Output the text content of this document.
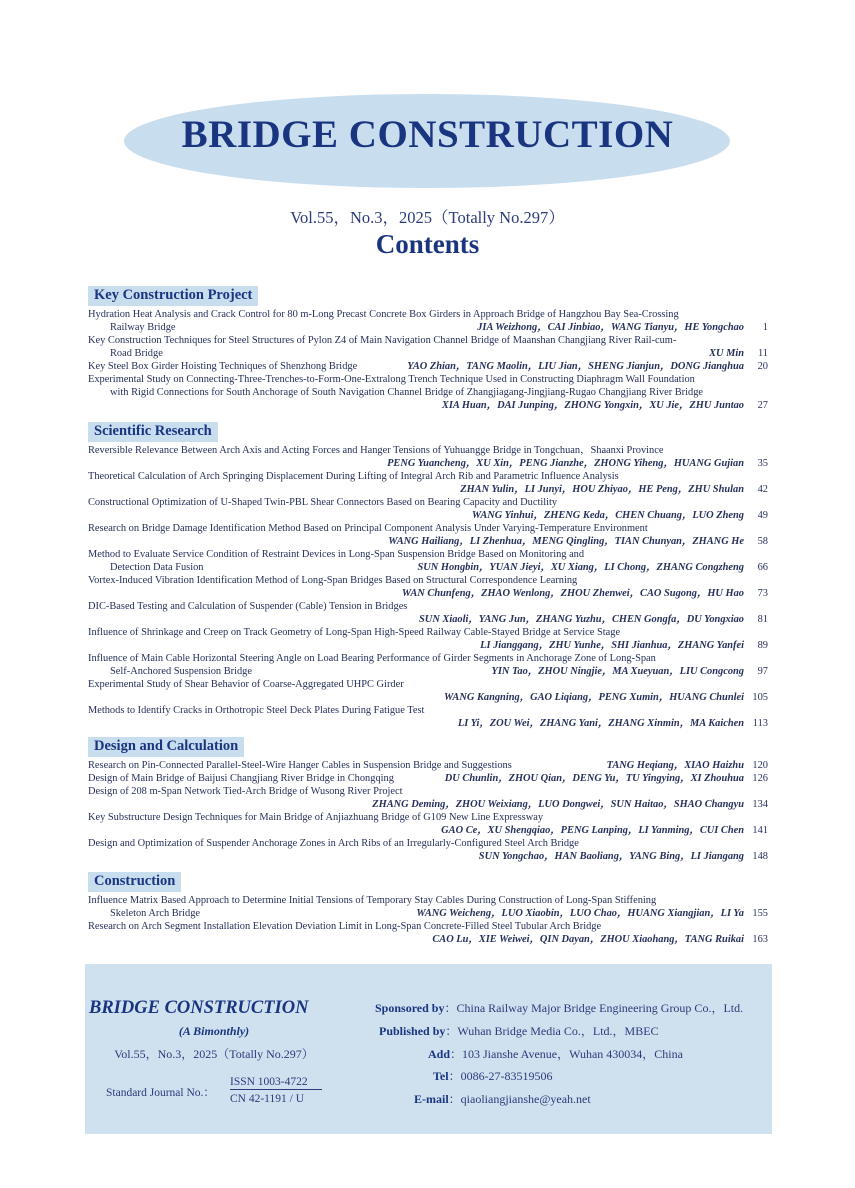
BRIDGE CONSTRUCTION
Vol.55，No.3，2025（Totally No.297）
Contents
Key Construction Project
Hydration Heat Analysis and Crack Control for 80 m-Long Precast Concrete Box Girders in Approach Bridge of Hangzhou Bay Sea-Crossing
Railway Bridge	JIA Weizhong，CAI Jinbiao，WANG Tianyu，HE Yongchao 1
Key Construction Techniques for Steel Structures of Pylon Z4 of Main Navigation Channel Bridge of Maanshan Changjiang River Rail-cum-
Road Bridge	XU Min 11
Key Steel Box Girder Hoisting Techniques of Shenzhong Bridge	YAO Zhian，TANG Maolin，LIU Jian，SHENG Jianjun，DONG Jianghua 20
Experimental Study on Connecting-Three-Trenches-to-Form-One-Extralong Trench Technique Used in Constructing Diaphragm Wall Foundation
with Rigid Connections for South Anchorage of South Navigation Channel Bridge of Zhangjiagang-Jingjiang-Rugao Changjiang River Bridge
XIA Huan，DAI Junping，ZHONG Yongxin，XU Jie，ZHU Juntao	27
Scientific Research
Reversible Relevance Between Arch Axis and Acting Forces and Hanger Tensions of Yuhuangge Bridge in Tongchuan，Shaanxi Province
PENG Yuancheng，XU Xin，PENG Jianzhe，ZHONG Yiheng，HUANG Gujian	35
Theoretical Calculation of Arch Springing Displacement During Lifting of Integral Arch Rib and Parametric Influence Analysis
ZHAN Yulin，LI Junyi，HOU Zhiyao，HE Peng，ZHU Shulan	42
Constructional Optimization of U-Shaped Twin-PBL Shear Connectors Based on Bearing Capacity and Ductility
WANG Yinhui，ZHENG Keda，CHEN Chuang，LUO Zheng	49
Research on Bridge Damage Identification Method Based on Principal Component Analysis Under Varying-Temperature Environment
WANG Hailiang，LI Zhenhua，MENG Qingling，TIAN Chunyan，ZHANG He	58
Method to Evaluate Service Condition of Restraint Devices in Long-Span Suspension Bridge Based on Monitoring and
Detection Data Fusion	SUN Hongbin，YUAN Jieyi，XU Xiang，LI Chong，ZHANG Congzheng 66
Vortex-Induced Vibration Identification Method of Long-Span Bridges Based on Structural Correspondence Learning
WAN Chunfeng，ZHAO Wenlong，ZHOU Zhenwei，CAO Sugong，HU Hao	73
DIC-Based Testing and Calculation of Suspender (Cable) Tension in Bridges
SUN Xiaoli，YANG Jun，ZHANG Yuzhu，CHEN Gongfa，DU Yongxiao	81
Influence of Shrinkage and Creep on Track Geometry of Long-Span High-Speed Railway Cable-Stayed Bridge at Service Stage
LI Jianggang，ZHU Yunhe，SHI Jianhua，ZHANG Yanfei	89
Influence of Main Cable Horizontal Steering Angle on Load Bearing Performance of Girder Segments in Anchorage Zone of Long-Span
Self-Anchored Suspension Bridge	YIN Tao，ZHOU Ningjie，MA Xueyuan，LIU Congcong 97
Experimental Study of Shear Behavior of Coarse-Aggregated UHPC Girder
WANG Kangning，GAO Liqiang，PENG Xumin，HUANG Chunlei 105
Methods to Identify Cracks in Orthotropic Steel Deck Plates During Fatigue Test
LI Yi，ZOU Wei，ZHANG Yani，ZHANG Xinmin，MA Kaichen 113
Design and Calculation
Research on Pin-Connected Parallel-Steel-Wire Hanger Cables in Suspension Bridge and Suggestions	TANG Heqiang，XIAO Haizhu 120
Design of Main Bridge of Baijusi Changjiang River Bridge in Chongqing	DU Chunlin，ZHOU Qian，DENG Yu，TU Yingying，XI Zhouhua 126
Design of 208 m-Span Network Tied-Arch Bridge of Wusong River Project
ZHANG Deming，ZHOU Weixiang，LUO Dongwei，SUN Haitao，SHAO Changyu 134
Key Substructure Design Techniques for Main Bridge of Anjiazhuang Bridge of G109 New Line Expressway
GAO Ce，XU Shengqiao，PENG Lanping，LI Yanming，CUI Chen 141
Design and Optimization of Suspender Anchorage Zones in Arch Ribs of an Irregularly-Configured Steel Arch Bridge
SUN Yongchao，HAN Baoliang，YANG Bing，LI Jiangang 148
Construction
Influence Matrix Based Approach to Determine Initial Tensions of Temporary Stay Cables During Construction of Long-Span Stiffening
Skeleton Arch Bridge	WANG Weicheng，LUO Xiaobin，LUO Chao，HUANG Xiangjian，LI Ya 155
Research on Arch Segment Installation Elevation Deviation Limit in Long-Span Concrete-Filled Steel Tubular Arch Bridge
CAO Lu，XIE Weiwei，QIN Dayan，ZHOU Xiaohang，TANG Ruikai 163
BRIDGE CONSTRUCTION
(A Bimonthly)
Vol.55，No.3，2025（Totally No.297）
Standard Journal No.：
ISSN 1003-4722
CN 42-1191 / U
Sponsored by：China Railway Major Bridge Engineering Group Co.，Ltd.
Published by：Wuhan Bridge Media Co.，Ltd.，MBEC
Add：103 Jianshe Avenue，Wuhan 430034，China
Tel：0086-27-83519506
E-mail：qiaoliangjianshe@yeah.net
